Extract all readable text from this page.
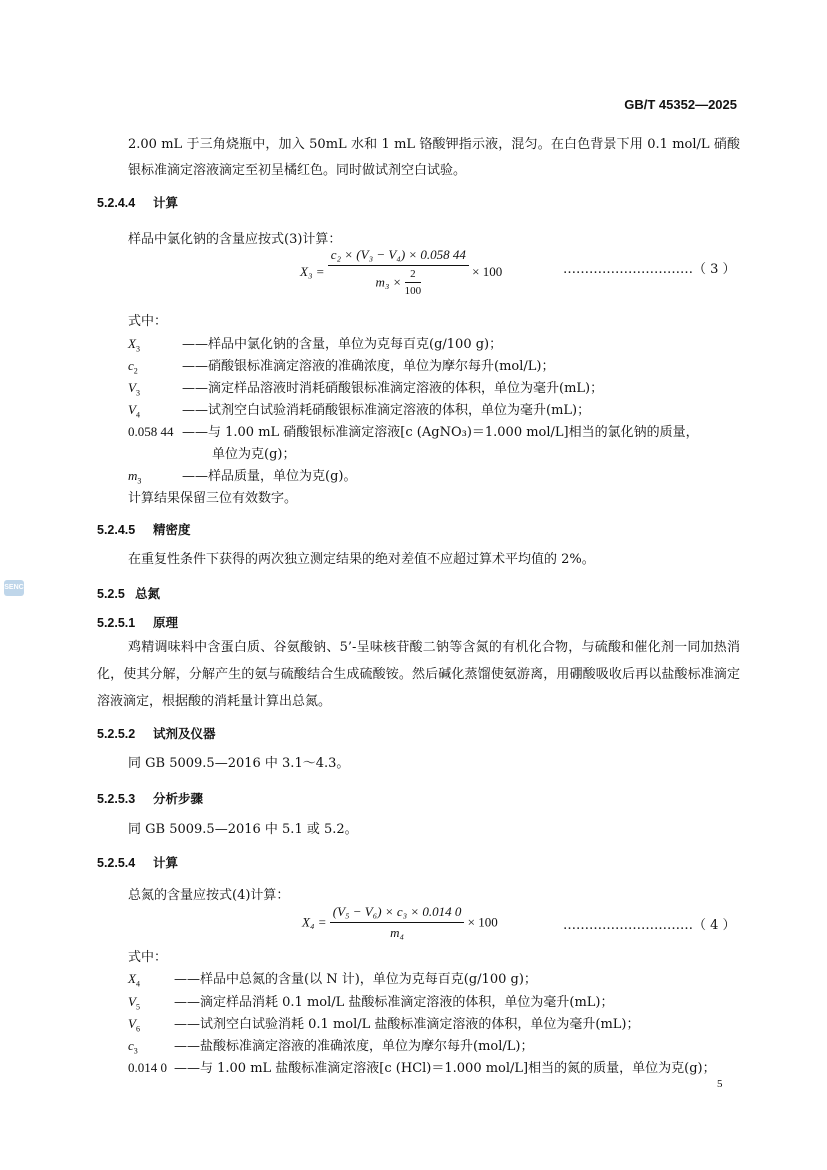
GB/T 45352—2025
2.00 mL 于三角烧瓶中，加入 50mL 水和 1 mL 铬酸钾指示液，混匀。在白色背景下用 0.1 mol/L 硝酸银标准滴定溶液滴定至初呈橘红色。同时做试剂空白试验。
5.2.4.4 计算
样品中氯化钠的含量应按式(3)计算：
$X_3 = \frac{\text{c₂ × (V₃ − V₄) × 0.058 44}}{m_3 \times \frac{2}{100}} \times 100$	…………………………（ 3 ）
式中：
$X_3$	——样品中氯化钠的含量，单位为克每百克(g/100 g)；
$c_2$	——硝酸银标准滴定溶液的准确浓度，单位为摩尔每升(mol/L)；
$V_3$	——滴定样品溶液时消耗硝酸银标准滴定溶液的体积，单位为毫升(mL)；
$V_4$	——试剂空白试验消耗硝酸银标准滴定溶液的体积，单位为毫升(mL)；
0.058 44 ——与 1.00 mL 硝酸银标准滴定溶液[c (AgNO₃)＝1.000 mol/L]相当的氯化钠的质量，
单位为克(g)；
$m_3$	——样品质量，单位为克(g)。
计算结果保留三位有效数字。
5.2.4.5 精密度
在重复性条件下获得的两次独立测定结果的绝对差值不应超过算术平均值的 2%。
SENC	5.2.5 总氮
5.2.5.1 原理
鸡精调味料中含蛋白质、谷氨酸钠、5’-呈味核苷酸二钠等含氮的有机化合物，与硫酸和催化剂一同加热消化，使其分解，分解产生的氨与硫酸结合生成硫酸铵。然后碱化蒸馏使氨游离，用硼酸吸收后再以盐酸标准滴定溶液滴定，根据酸的消耗量计算出总氮。
5.2.5.2 试剂及仪器
同 GB 5009.5—2016 中 3.1～4.3。
5.2.5.3 分析步骤
同 GB 5009.5—2016 中 5.1 或 5.2。
5.2.5.4 计算
总氮的含量应按式(4)计算：
$X_4 = \frac{\text{(V₅ − V₆) × c₃ × 0.014 0}}{\text{m₄}} \times 100$	…………………………（ 4 ）
式中：
$X_4$	——样品中总氮的含量(以 N 计)，单位为克每百克(g/100 g)；
$V_5$	——滴定样品消耗 0.1 mol/L 盐酸标准滴定溶液的体积，单位为毫升(mL)；
$V_6$	——试剂空白试验消耗 0.1 mol/L 盐酸标准滴定溶液的体积，单位为毫升(mL)；
$c_3$	——盐酸标准滴定溶液的准确浓度，单位为摩尔每升(mol/L)；
0.014 0 ——与 1.00 mL 盐酸标准滴定溶液[c (HCl)＝1.000 mol/L]相当的氮的质量，单位为克(g)；
5
